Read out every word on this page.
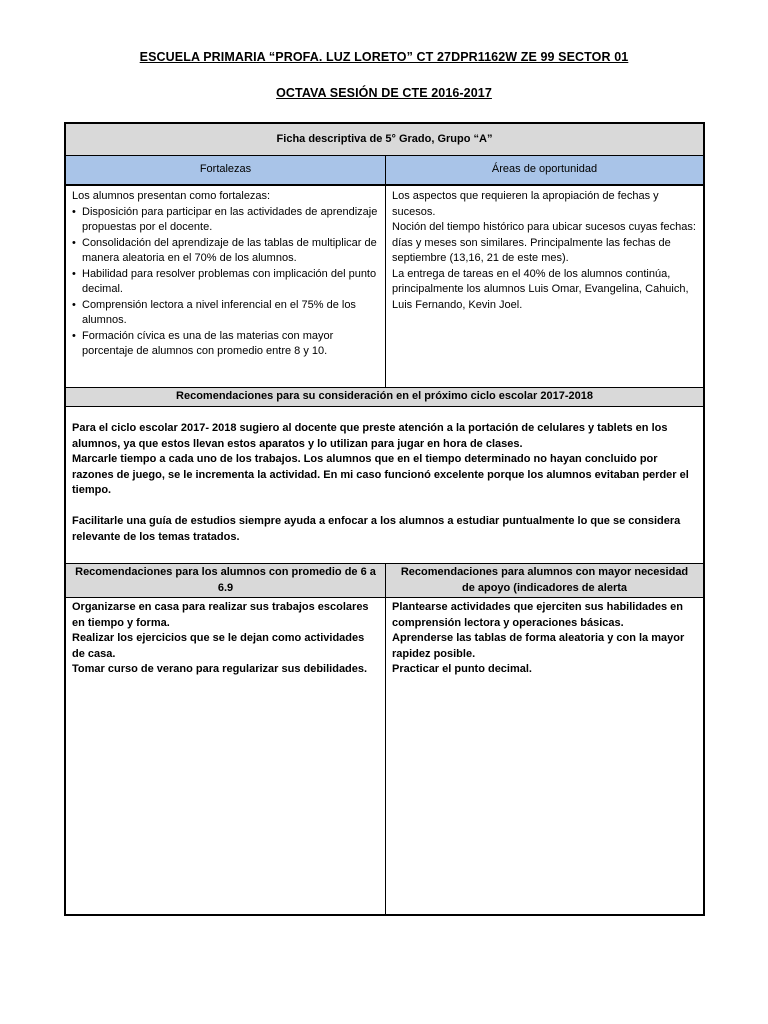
ESCUELA PRIMARIA “PROFA. LUZ LORETO” CT 27DPR1162W ZE 99 SECTOR 01
OCTAVA SESIÓN DE CTE 2016-2017
Ficha descriptiva de 5° Grado, Grupo “A”
Fortalezas	Áreas de oportunidad

Los alumnos presentan como fortalezas:

• Disposición para participar en las actividades de aprendizaje propuestas por el docente.
• Consolidación del aprendizaje de las tablas de multiplicar de manera aleatoria en el 70% de los alumnos.
• Habilidad para resolver problemas con implicación del punto decimal.
• Comprensión lectora a nivel inferencial en el 75% de los alumnos.
• Formación cívica es una de las materias con mayor porcentaje de alumnos con promedio entre 8 y 10.

Los aspectos que requieren la apropiación de fechas y sucesos.

Noción del tiempo histórico para ubicar sucesos cuyas fechas: días y meses son similares. Principalmente las fechas de septiembre (13,16, 21 de este mes).

La entrega de tareas en el 40% de los alumnos continúa, principalmente los alumnos Luis Omar, Evangelina, Cahuich, Luis Fernando, Kevin Joel.

Recomendaciones para su consideración en el próximo ciclo escolar 2017-2018

Para el ciclo escolar 2017- 2018 sugiero al docente que preste atención a la portación de celulares y tablets en los alumnos, ya que estos llevan estos aparatos y lo utilizan para jugar en hora de clases.

Marcarle tiempo a cada uno de los trabajos. Los alumnos que en el tiempo determinado no hayan concluido por razones de juego, se le incrementa la actividad. En mi caso funcionó excelente porque los alumnos evitaban perder el tiempo.

Facilitarle una guía de estudios siempre ayuda a enfocar a los alumnos a estudiar puntualmente lo que se considera relevante de los temas tratados.

Recomendaciones para los alumnos con promedio de 6 a 6.9
Recomendaciones para alumnos con mayor necesidad de apoyo (indicadores de alerta

Organizarse en casa para realizar sus trabajos escolares en tiempo y forma.

Realizar los ejercicios que se le dejan como actividades de casa.

Tomar curso de verano para regularizar sus debilidades.

Plantearse actividades que ejerciten sus habilidades en comprensión lectora y operaciones básicas.

Aprenderse las tablas de forma aleatoria y con la mayor rapidez posible.

Practicar el punto decimal.
